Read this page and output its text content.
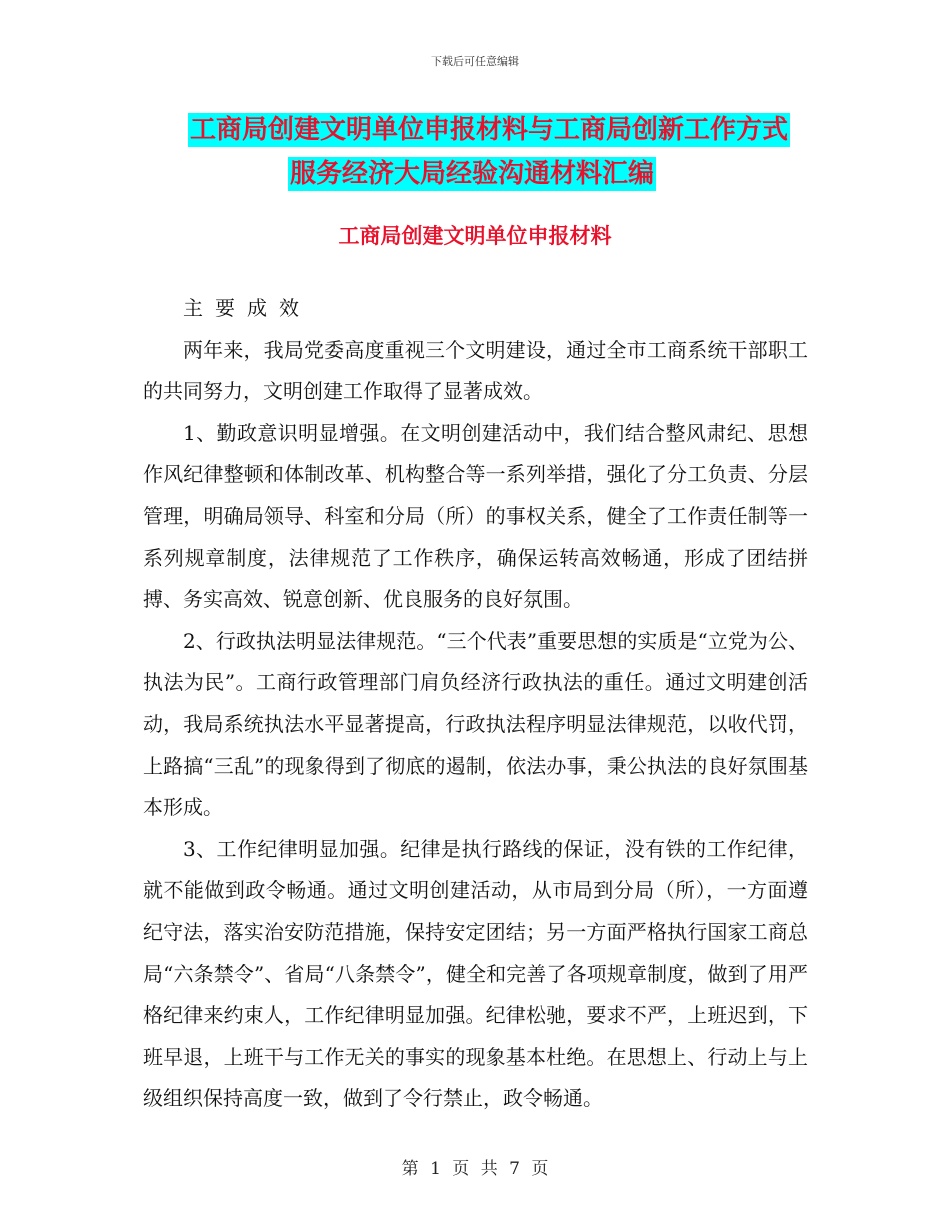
下载后可任意编辑
工商局创建文明单位申报材料与工商局创新工作方式
服务经济大局经验沟通材料汇编
工商局创建文明单位申报材料

主要成效

两年来，我局党委高度重视三个文明建设，通过全市工商系统干部职工的共同努力，文明创建工作取得了显著成效。

1、勤政意识明显增强。在文明创建活动中，我们结合整风肃纪、思想作风纪律整顿和体制改革、机构整合等一系列举措，强化了分工负责、分层管理，明确局领导、科室和分局（所）的事权关系，健全了工作责任制等一系列规章制度，法律规范了工作秩序，确保运转高效畅通，形成了团结拼搏、务实高效、锐意创新、优良服务的良好氛围。

2、行政执法明显法律规范。“三个代表”重要思想的实质是“立党为公、执法为民”。工商行政管理部门肩负经济行政执法的重任。通过文明建创活动，我局系统执法水平显著提高，行政执法程序明显法律规范，以收代罚，上路搞“三乱”的现象得到了彻底的遏制，依法办事，秉公执法的良好氛围基本形成。

3、工作纪律明显加强。纪律是执行路线的保证，没有铁的工作纪律，就不能做到政令畅通。通过文明创建活动，从市局到分局（所），一方面遵纪守法，落实治安防范措施，保持安定团结；另一方面严格执行国家工商总局“六条禁令”、省局“八条禁令”，健全和完善了各项规章制度，做到了用严格纪律来约束人，工作纪律明显加强。纪律松驰，要求不严，上班迟到，下班早退，上班干与工作无关的事实的现象基本杜绝。在思想上、行动上与上级组织保持高度一致，做到了令行禁止，政令畅通。

第 1 页 共 7 页
